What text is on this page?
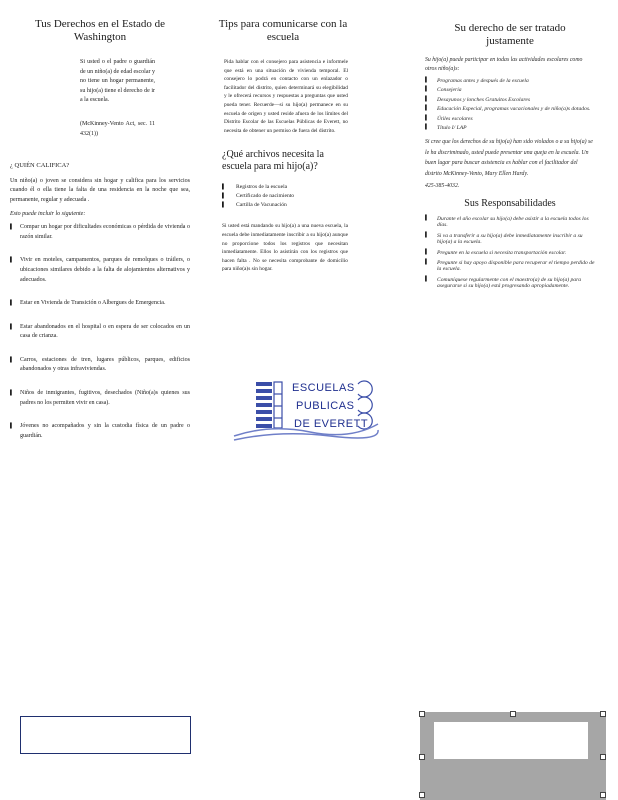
Tus Derechos en el Estado de Washington

Si usted o el padre o guardián de un niño(a) de edad escolar y no tiene un hogar permanente, su hijo(a) tiene el derecho de ir a la escuela.

(McKinney-Vento Act, sec. 11 432(1))

¿ QUIÉN CALIFICA?

Un niño(a) o joven se considera sin hogar y califica para los servicios cuando él o ella tiene la falta de una residencia en la noche que sea, permanente, regular y adecuada .

Esto puede incluir lo siguiente:

▌ Compar un hogar por dificultades económicas o pérdida de vivienda o razón similar.
▌ Vivir en moteles, campamentos, parques de remolques o tráilers, o ubicaciones similares debido a la falta de alojamientos alternativos y adecuados.
▌ Estar en Vivienda de Transición o Albergues de Emergencia.
▌ Estar abandonados en el hospital o en espera de ser colocados en un casa de crianza.
▌ Carros, estaciones de tren, lugares públicos, parques, edificios abandonados y otras infraviviendas.
▌ Niños de inmigrantes, fugitivos, desechados (Niño(a)s quienes sus padres no los permiten vivir en casa).
▌ Jóvenes no acompañados y sin la custodia física de un padre o guardián.
Tips para comunicarse con la escuela

Pida hablar con el consejero para asistencia e informele que está en una situación de vivienda temporal. El consejero lo podrá en contacto con un enlazador o facilitador del distrito, quien determinará su elegibilidad y le ofrecerá recursos y respuestas a preguntas que usted pueda tener. Recuerde—si su hijo(a) permanece en su escuela de origen y usted reside afuera de los límites del Distrito Escolar de las Escuelas Públicas de Everett, no necesita de obtener un permiso de fuera del distrito.

¿Qué archivos necesita la escuela para mi hijo(a)?
▌ Registros de la escuela
▌ Certificado de nacimiento
▌ Cartilla de Vacunación

Si usted está mandando su hijo(a) a una nueva escuela, la escuela debe inmediatamente inscribir a su hijo(a) aunque no proporcione todos los registros que necesitan inmediatamente. Ellos lo asistirán con los registros que hacen falta . No se necesita comprobante de domicilio para niño(a)s sin hogar.

ESCUELAS
PUBLICAS
DE EVERETT
Su derecho de ser tratado justamente

Su hijo(a) puede participar en todas las actividades escolares como otros niño(a)s:

▌ Programas antes y después de la escuela
▌ Consejería
▌ Desayunos y lonches Gratuitos Escolares
▌ Educación Especial, programas vacacionales y de niño(a)s dotados.
▌ Útiles escolares
▌ Título I/ LAP

Si cree que los derechos de su hijo(a) han sido violados o a su hijo(a) se le ha discriminado, usted puede presentar una queja en la escuela. Un buen lugar para buscar asistencia es hablar con el facilitador del distrito McKinney-Vento, Mary Ellen Hardy.

425-385-4032.

Sus Responsabilidades
▌ Durante el año escolar su hijo(a) debe asistir a la escuela todos los días.
▌ Si va a transferir a su hijo(a) debe inmediatamente inscribir a su hijo(a) a la escuela.
▌ Pregunte en la escuela si necesita transportación escolar.
▌ Pregunte si hay apoyo disponible para recuperar el tiempo perdido de la escuela.
▌ Comuníquese regularmente con el maestro(a) de su hijo(a) para asegurarse si su hijo(a) está progresando apropiadamente.
